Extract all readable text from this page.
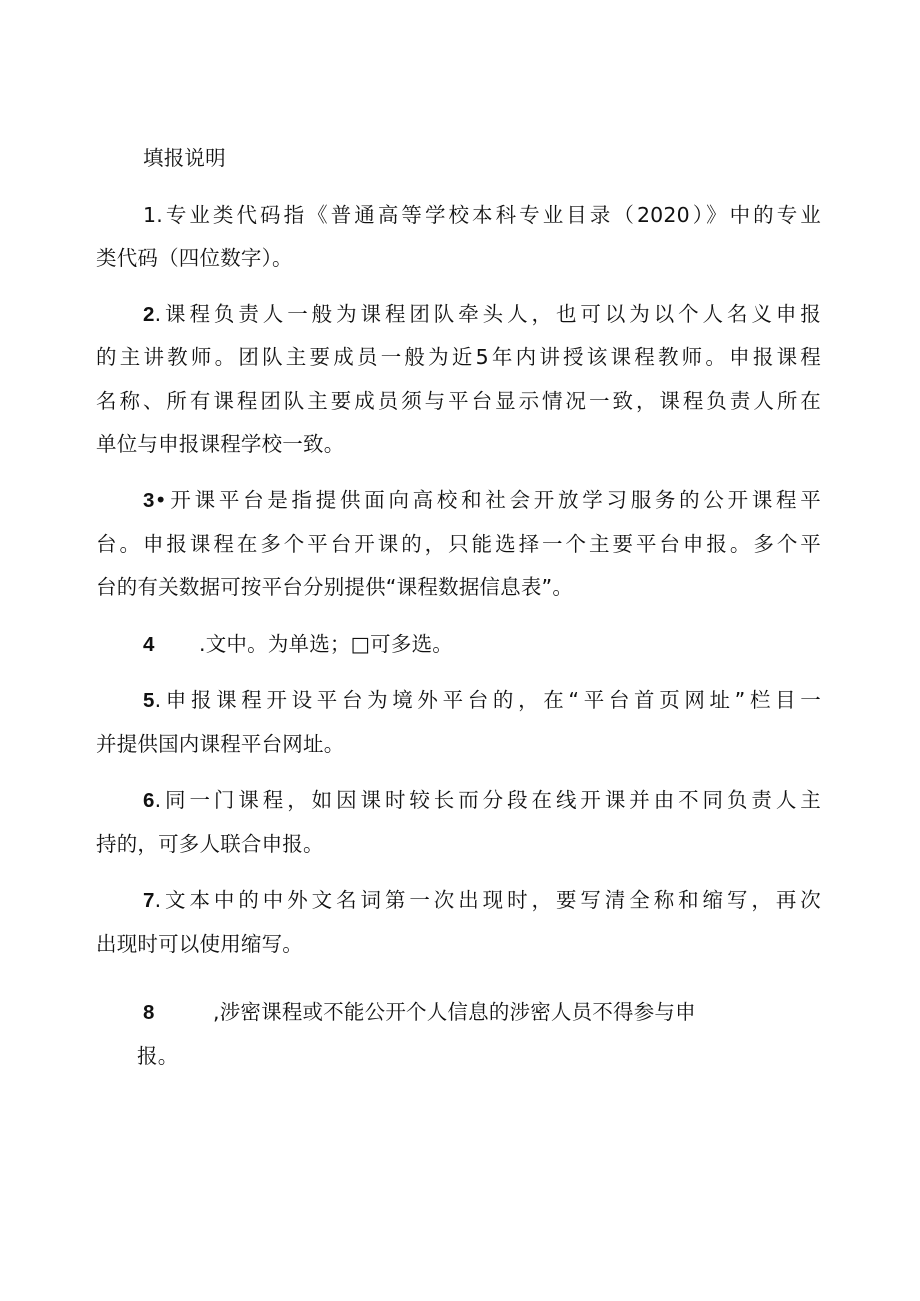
填报说明
1.专业类代码指《普通高等学校本科专业目录（2020）》中的专业
类代码（四位数字）。
2.课程负责人一般为课程团队牵头人，也可以为以个人名义申报
的主讲教师。团队主要成员一般为近5年内讲授该课程教师。申报课程
名称、所有课程团队主要成员须与平台显示情况一致，课程负责人所在
单位与申报课程学校一致。
3•开课平台是指提供面向高校和社会开放学习服务的公开课程平
台。申报课程在多个平台开课的，只能选择一个主要平台申报。多个平
台的有关数据可按平台分别提供“课程数据信息表”。
4 .文中。为单选；□可多选。
5.申报课程开设平台为境外平台的，在“平台首页网址”栏目一
并提供国内课程平台网址。
6.同一门课程，如因课时较长而分段在线开课并由不同负责人主
持的，可多人联合申报。
7.文本中的中外文名词第一次出现时，要写清全称和缩写，再次
出现时可以使用缩写。
8	,涉密课程或不能公开个人信息的涉密人员不得参与申
报。
